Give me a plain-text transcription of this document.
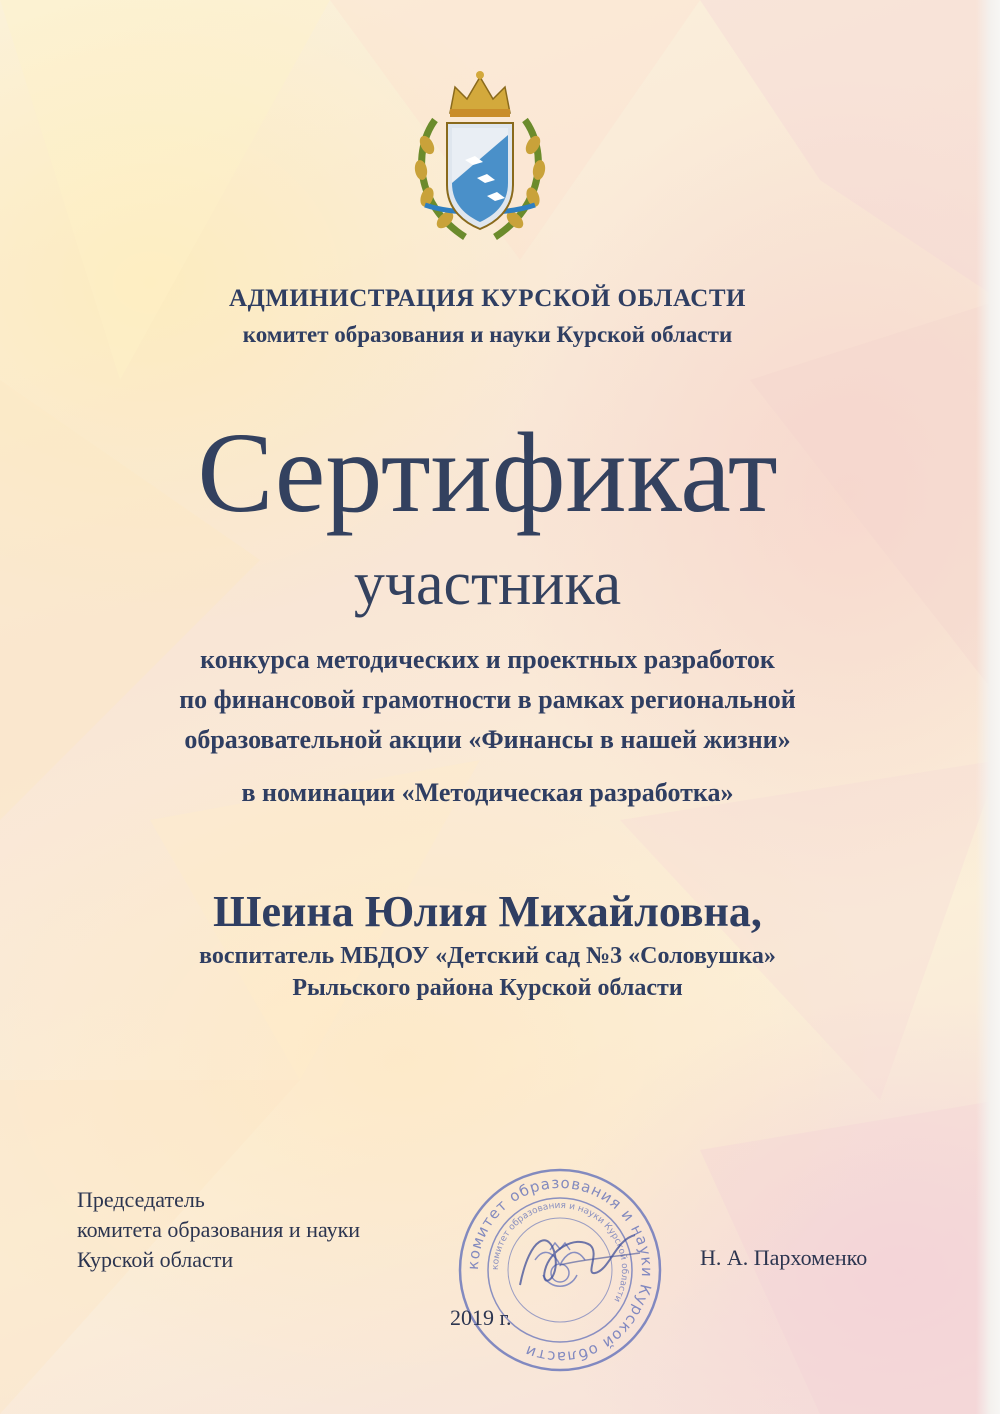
АДМИНИСТРАЦИЯ КУРСКОЙ ОБЛАСТИ
комитет образования и науки Курской области
Сертификат
участника
конкурса методических и проектных разработок
по финансовой грамотности в рамках региональной
образовательной акции «Финансы в нашей жизни»
в номинации «Методическая разработка»
Шеина Юлия Михайловна,
воспитатель МБДОУ «Детский сад №3 «Соловушка»
Рыльского района Курской области
Председатель
комитета образования и науки
Курской области	комитет образования и науки Курской области
комитет образования и науки Курской области
Н. А. Пархоменко
2019 г.
